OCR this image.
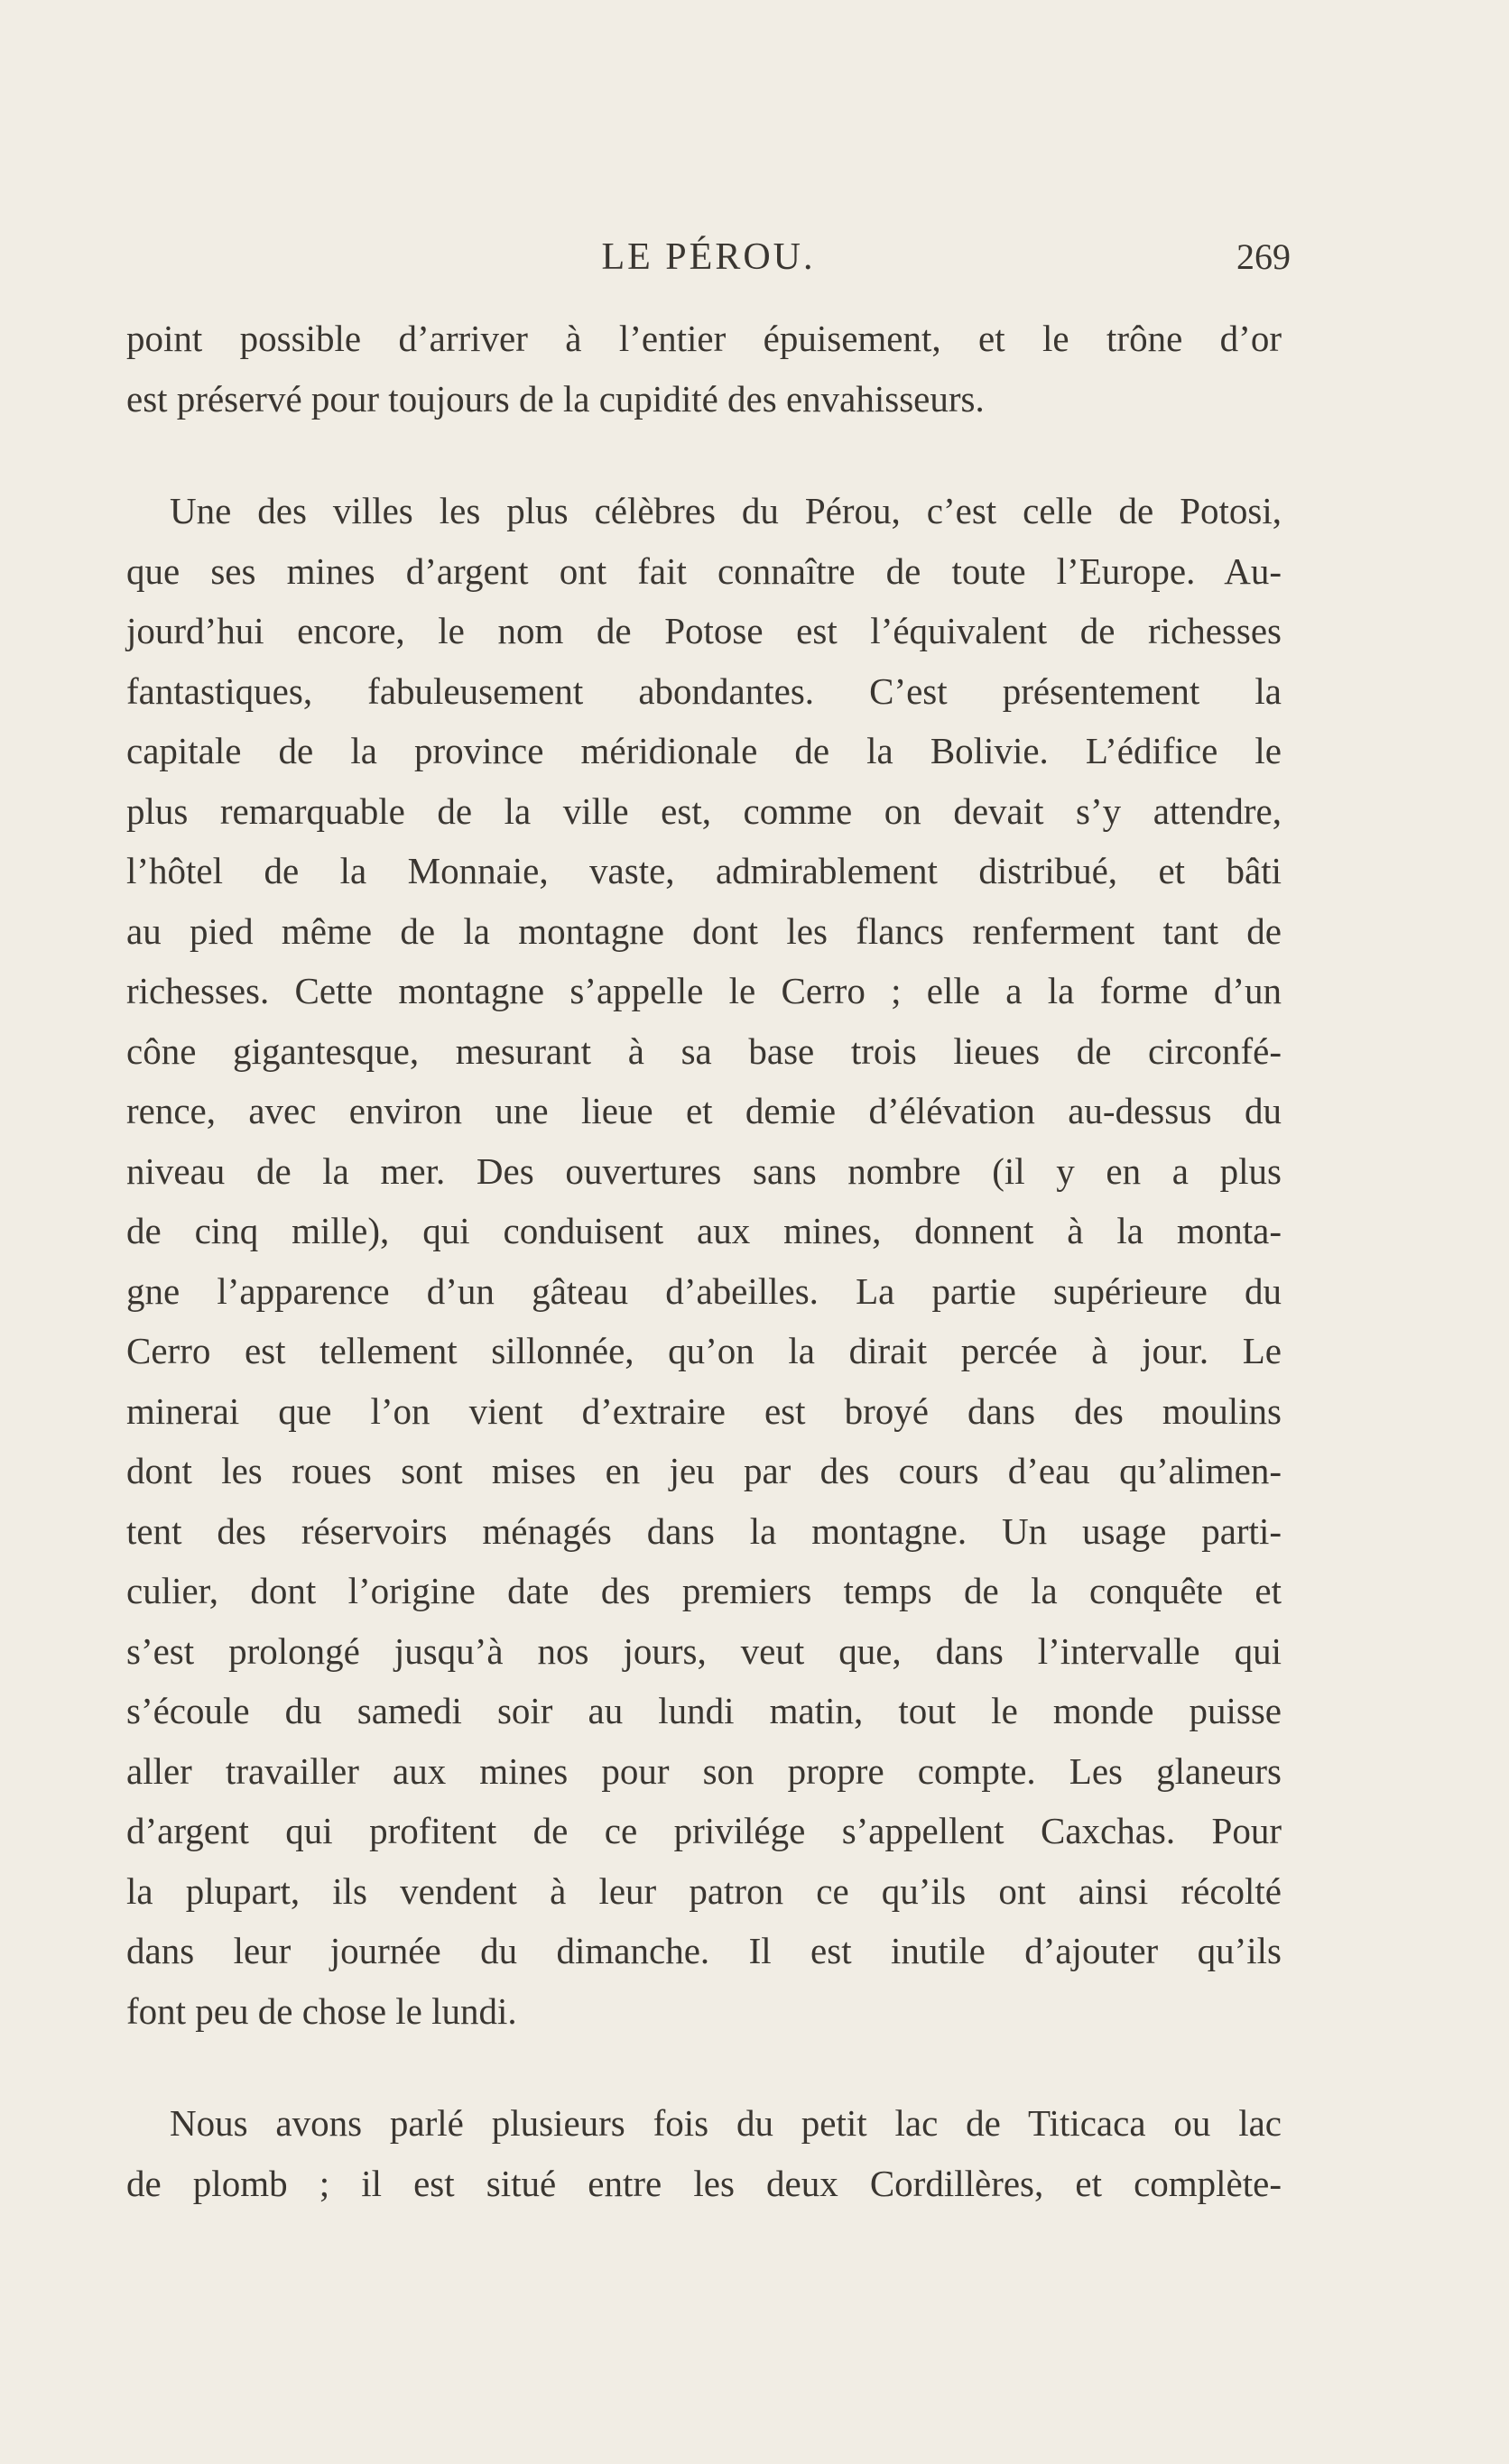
LE PÉROU.	269
point possible d’arriver à l’entier épuisement, et le trône d’or
est préservé pour toujours de la cupidité des envahisseurs.
Une des villes les plus célèbres du Pérou, c’est celle de Potosi,
que ses mines d’argent ont fait connaître de toute l’Europe. Au-
jourd’hui encore, le nom de Potose est l’équivalent de richesses
fantastiques, fabuleusement abondantes. C’est présentement la
capitale de la province méridionale de la Bolivie. L’édifice le
plus remarquable de la ville est, comme on devait s’y attendre,
l’hôtel de la Monnaie, vaste, admirablement distribué, et bâti
au pied même de la montagne dont les flancs renferment tant de
richesses. Cette montagne s’appelle le Cerro ; elle a la forme d’un
cône gigantesque, mesurant à sa base trois lieues de circonfé-
rence, avec environ une lieue et demie d’élévation au-dessus du
niveau de la mer. Des ouvertures sans nombre (il y en a plus
de cinq mille), qui conduisent aux mines, donnent à la monta-
gne l’apparence d’un gâteau d’abeilles. La partie supérieure du
Cerro est tellement sillonnée, qu’on la dirait percée à jour. Le
minerai que l’on vient d’extraire est broyé dans des moulins
dont les roues sont mises en jeu par des cours d’eau qu’alimen-
tent des réservoirs ménagés dans la montagne. Un usage parti-
culier, dont l’origine date des premiers temps de la conquête et
s’est prolongé jusqu’à nos jours, veut que, dans l’intervalle qui
s’écoule du samedi soir au lundi matin, tout le monde puisse
aller travailler aux mines pour son propre compte. Les glaneurs
d’argent qui profitent de ce privilége s’appellent Caxchas. Pour
la plupart, ils vendent à leur patron ce qu’ils ont ainsi récolté
dans leur journée du dimanche. Il est inutile d’ajouter qu’ils
font peu de chose le lundi.
Nous avons parlé plusieurs fois du petit lac de Titicaca ou lac
de plomb ; il est situé entre les deux Cordillères, et complète-
